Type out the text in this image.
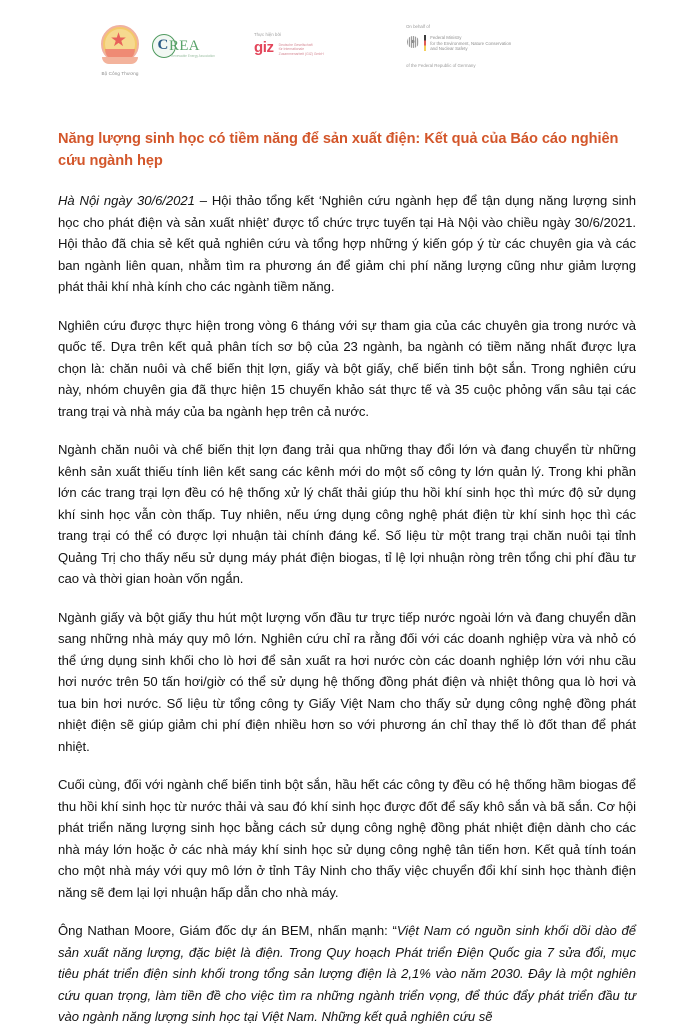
Bộ Công Thương
C REA
Renewable Energy Association
Thực hiện bởi
giz Deutsche Gesellschaft
für Internationale
Zusammenarbeit (GIZ) GmbH
On behalf of
Federal Ministry
for the Environment, Nature Conservation
and Nuclear Safety
of the Federal Republic of Germany
Năng lượng sinh học có tiềm năng để sản xuất điện: Kết quả của Báo cáo nghiên cứu ngành hẹp

Hà Nội ngày 30/6/2021 – Hội thảo tổng kết ‘Nghiên cứu ngành hẹp để tận dụng năng lượng sinh học cho phát điện và sản xuất nhiệt’ được tổ chức trực tuyến tại Hà Nội vào chiều ngày 30/6/2021. Hội thảo đã chia sẻ kết quả nghiên cứu và tổng hợp những ý kiến góp ý từ các chuyên gia và các ban ngành liên quan, nhằm tìm ra phương án để giảm chi phí năng lượng cũng như giảm lượng phát thải khí nhà kính cho các ngành tiềm năng.

Nghiên cứu được thực hiện trong vòng 6 tháng với sự tham gia của các chuyên gia trong nước và quốc tế. Dựa trên kết quả phân tích sơ bộ của 23 ngành, ba ngành có tiềm năng nhất được lựa chọn là: chăn nuôi và chế biến thịt lợn, giấy và bột giấy, chế biến tinh bột sắn. Trong nghiên cứu này, nhóm chuyên gia đã thực hiện 15 chuyến khảo sát thực tế và 35 cuộc phỏng vấn sâu tại các trang trại và nhà máy của ba ngành hẹp trên cả nước.

Ngành chăn nuôi và chế biến thịt lợn đang trải qua những thay đổi lớn và đang chuyển từ những kênh sản xuất thiếu tính liên kết sang các kênh mới do một số công ty lớn quản lý. Trong khi phần lớn các trang trại lợn đều có hệ thống xử lý chất thải giúp thu hồi khí sinh học thì mức độ sử dụng khí sinh học vẫn còn thấp. Tuy nhiên, nếu ứng dụng công nghệ phát điện từ khí sinh học thì các trang trại có thể có được lợi nhuận tài chính đáng kể. Số liệu từ một trang trại chăn nuôi tại tỉnh Quảng Trị cho thấy nếu sử dụng máy phát điện biogas, tỉ lệ lợi nhuận ròng trên tổng chi phí đầu tư cao và thời gian hoàn vốn ngắn.

Ngành giấy và bột giấy thu hút một lượng vốn đầu tư trực tiếp nước ngoài lớn và đang chuyển dần sang những nhà máy quy mô lớn. Nghiên cứu chỉ ra rằng đối với các doanh nghiệp vừa và nhỏ có thể ứng dụng sinh khối cho lò hơi để sản xuất ra hơi nước còn các doanh nghiệp lớn với nhu cầu hơi nước trên 50 tấn hơi/giờ có thể sử dụng hệ thống đồng phát điện và nhiệt thông qua lò hơi và tua bin hơi nước. Số liệu từ tổng công ty Giấy Việt Nam cho thấy sử dụng công nghệ đồng phát nhiệt điện sẽ giúp giảm chi phí điện nhiều hơn so với phương án chỉ thay thế lò đốt than để phát nhiệt.

Cuối cùng, đối với ngành chế biến tinh bột sắn, hầu hết các công ty đều có hệ thống hầm biogas để thu hồi khí sinh học từ nước thải và sau đó khí sinh học được đốt để sấy khô sắn và bã sắn. Cơ hội phát triển năng lượng sinh học bằng cách sử dụng công nghệ đồng phát nhiệt điện dành cho các nhà máy lớn hoặc ở các nhà máy khí sinh học sử dụng công nghệ tân tiến hơn. Kết quả tính toán cho một nhà máy với quy mô lớn ở tỉnh Tây Ninh cho thấy việc chuyển đổi khí sinh học thành điện năng sẽ đem lại lợi nhuận hấp dẫn cho nhà máy.

Ông Nathan Moore, Giám đốc dự án BEM, nhấn mạnh: “Việt Nam có nguồn sinh khối dồi dào để sản xuất năng lượng, đặc biệt là điện. Trong Quy hoạch Phát triển Điện Quốc gia 7 sửa đổi, mục tiêu phát triển điện sinh khối trong tổng sản lượng điện là 2,1% vào năm 2030. Đây là một nghiên cứu quan trọng, làm tiền đề cho việc tìm ra những ngành triển vọng, để thúc đẩy phát triển đầu tư vào ngành năng lượng sinh học tại Việt Nam. Những kết quả nghiên cứu sẽ
